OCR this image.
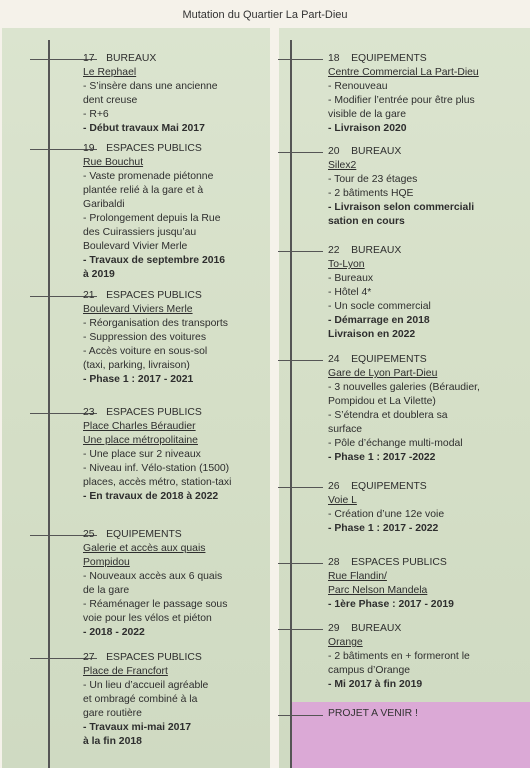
Mutation du Quartier La Part-Dieu
17    BUREAUX
Le Rephael
- S’insère dans une ancienne
dent creuse
- R+6
- Début travaux Mai 2017
19    ESPACES PUBLICS
Rue Bouchut
- Vaste promenade piétonne
plantée relié à la gare et à
Garibaldi
- Prolongement depuis la Rue
des Cuirassiers jusqu’au
Boulevard Vivier Merle
- Travaux de septembre 2016
à 2019
21    ESPACES PUBLICS
Boulevard Viviers Merle
- Réorganisation des transports
- Suppression des voitures
- Accès voiture en sous-sol
(taxi, parking, livraison)
- Phase 1 : 2017 - 2021
23    ESPACES PUBLICS
Place Charles Béraudier
Une place métropolitaine
- Une place sur 2 niveaux
- Niveau inf. Vélo-station (1500)
places, accès métro, station-taxi
- En travaux de 2018 à 2022
25    EQUIPEMENTS
Galerie et accès aux quais
Pompidou
- Nouveaux accès aux 6 quais
de la gare
- Réaménager le passage sous
voie pour les vélos et piéton
- 2018 - 2022
27    ESPACES PUBLICS
Place de Francfort
- Un lieu d’accueil agréable
et ombragé combiné à la
gare routière
- Travaux mi-mai 2017
à la fin 2018
18    EQUIPEMENTS
Centre Commercial La Part-Dieu
- Renouveau
- Modifier l’entrée pour être plus
visible de la gare
- Livraison 2020
20    BUREAUX
Silex2
- Tour de 23 étages
- 2 bâtiments HQE
- Livraison selon commerciali
sation en cours
22    BUREAUX
To-Lyon
- Bureaux
- Hôtel 4*
- Un socle commercial
- Démarrage en 2018
Livraison en 2022
24    EQUIPEMENTS
Gare de Lyon Part-Dieu
- 3 nouvelles galeries (Béraudier,
Pompidou et La Vilette)
- S’étendra et doublera sa
surface
- Pôle d’échange multi-modal
- Phase 1 : 2017 -2022
26    EQUIPEMENTS
Voie L
- Création d’une 12e voie
- Phase 1 : 2017 - 2022
28    ESPACES PUBLICS
Rue Flandin/
Parc Nelson Mandela
- 1ère Phase : 2017 - 2019
29    BUREAUX
Orange
- 2 bâtiments en + formeront le
campus d’Orange
- Mi 2017 à fin 2019
PROJET A VENIR !
